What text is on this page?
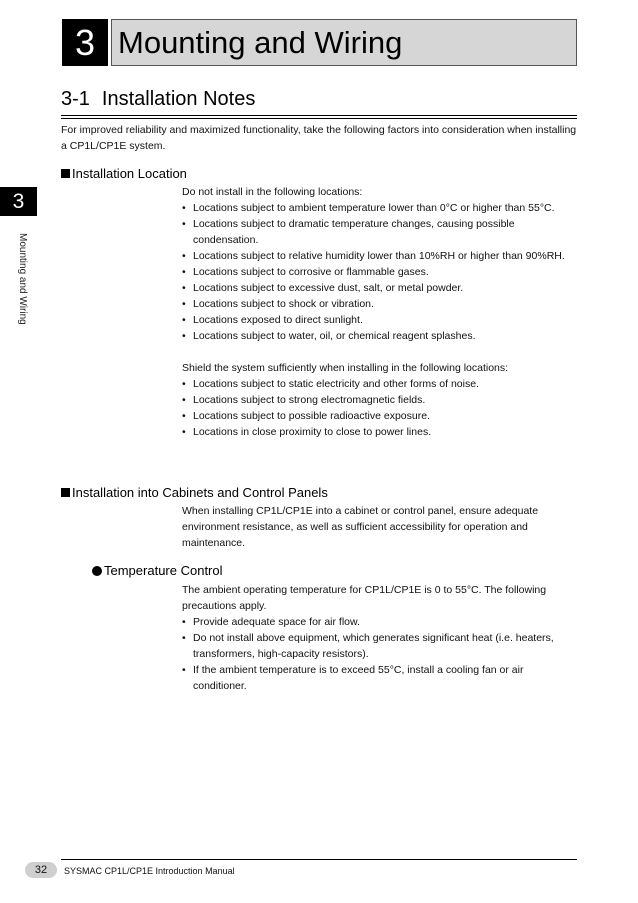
3 Mounting and Wiring
3-1 Installation Notes
3
Mounting and Wiring
For improved reliability and maximized functionality, take the following factors into consideration when installing a CP1L/CP1E system.
Installation Location

Do not install in the following locations:

• Locations subject to ambient temperature lower than 0°C or higher than 55°C.
• Locations subject to dramatic temperature changes, causing possible condensation.
• Locations subject to relative humidity lower than 10%RH or higher than 90%RH.
• Locations subject to corrosive or flammable gases.
• Locations subject to excessive dust, salt, or metal powder.
• Locations subject to shock or vibration.
• Locations exposed to direct sunlight.
• Locations subject to water, oil, or chemical reagent splashes.

Shield the system sufficiently when installing in the following locations:

• Locations subject to static electricity and other forms of noise.
• Locations subject to strong electromagnetic fields.
• Locations subject to possible radioactive exposure.
• Locations in close proximity to close to power lines.
Installation into Cabinets and Control Panels

When installing CP1L/CP1E into a cabinet or control panel, ensure adequate environment resistance, as well as sufficient accessibility for operation and maintenance.

Temperature Control

The ambient operating temperature for CP1L/CP1E is 0 to 55°C. The following precautions apply.

• Provide adequate space for air flow.
• Do not install above equipment, which generates significant heat (i.e. heaters, transformers, high-capacity resistors).
• If the ambient temperature is to exceed 55°C, install a cooling fan or air conditioner.
32	SYSMAC CP1L/CP1E Introduction Manual
